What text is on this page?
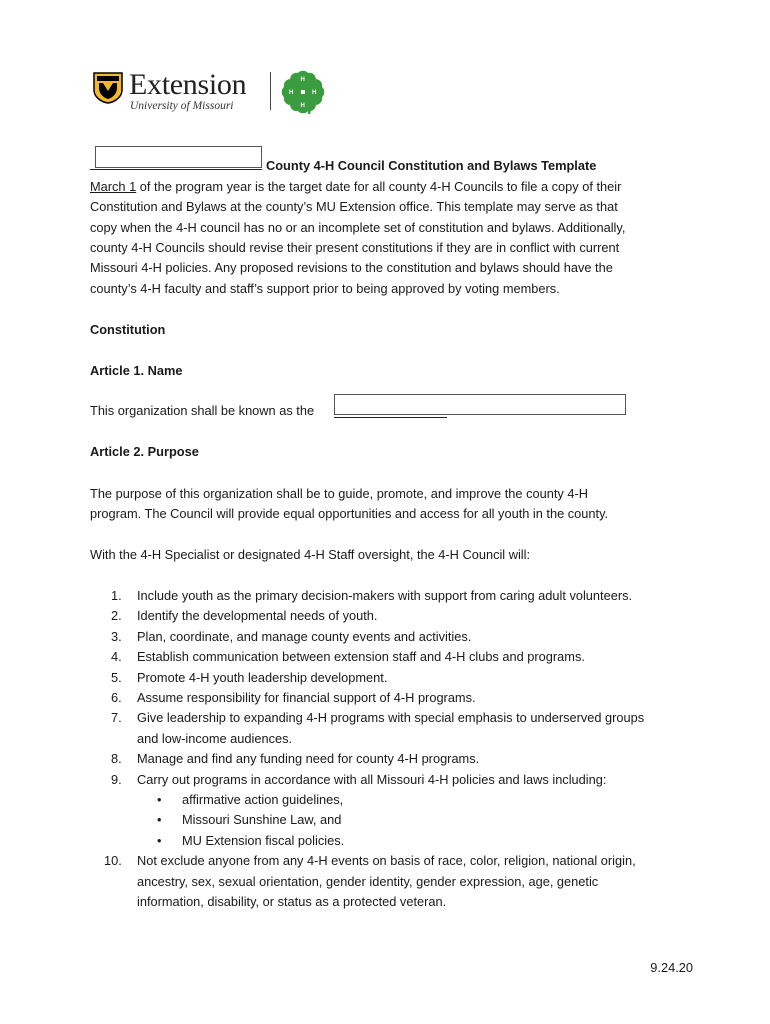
Extension
University of Missouri
H
H
H
H
County 4-H Council Constitution and Bylaws Template
March 1 of the program year is the target date for all county 4-H Councils to file a copy of their
Constitution and Bylaws at the county’s MU Extension office. This template may serve as that
copy when the 4-H council has no or an incomplete set of constitution and bylaws. Additionally,
county 4-H Councils should revise their present constitutions if they are in conflict with current
Missouri 4-H policies. Any proposed revisions to the constitution and bylaws should have the
county’s 4-H faculty and staff’s support prior to being approved by voting members.
Constitution
Article 1. Name
This organization shall be known as the
Article 2. Purpose
The purpose of this organization shall be to guide, promote, and improve the county 4-H
program. The Council will provide equal opportunities and access for all youth in the county.
With the 4-H Specialist or designated 4-H Staff oversight, the 4-H Council will:
1. Include youth as the primary decision-makers with support from caring adult volunteers.
2. Identify the developmental needs of youth.
3. Plan, coordinate, and manage county events and activities.
4. Establish communication between extension staff and 4-H clubs and programs.
5. Promote 4-H youth leadership development.
6. Assume responsibility for financial support of 4-H programs.
7. Give leadership to expanding 4-H programs with special emphasis to underserved groups
and low-income audiences.
8. Manage and find any funding need for county 4-H programs.
9. Carry out programs in accordance with all Missouri 4-H policies and laws including:
• affirmative action guidelines,
• Missouri Sunshine Law, and
• MU Extension fiscal policies.
10. Not exclude anyone from any 4-H events on basis of race, color, religion, national origin,
ancestry, sex, sexual orientation, gender identity, gender expression, age, genetic
information, disability, or status as a protected veteran.
9.24.20
